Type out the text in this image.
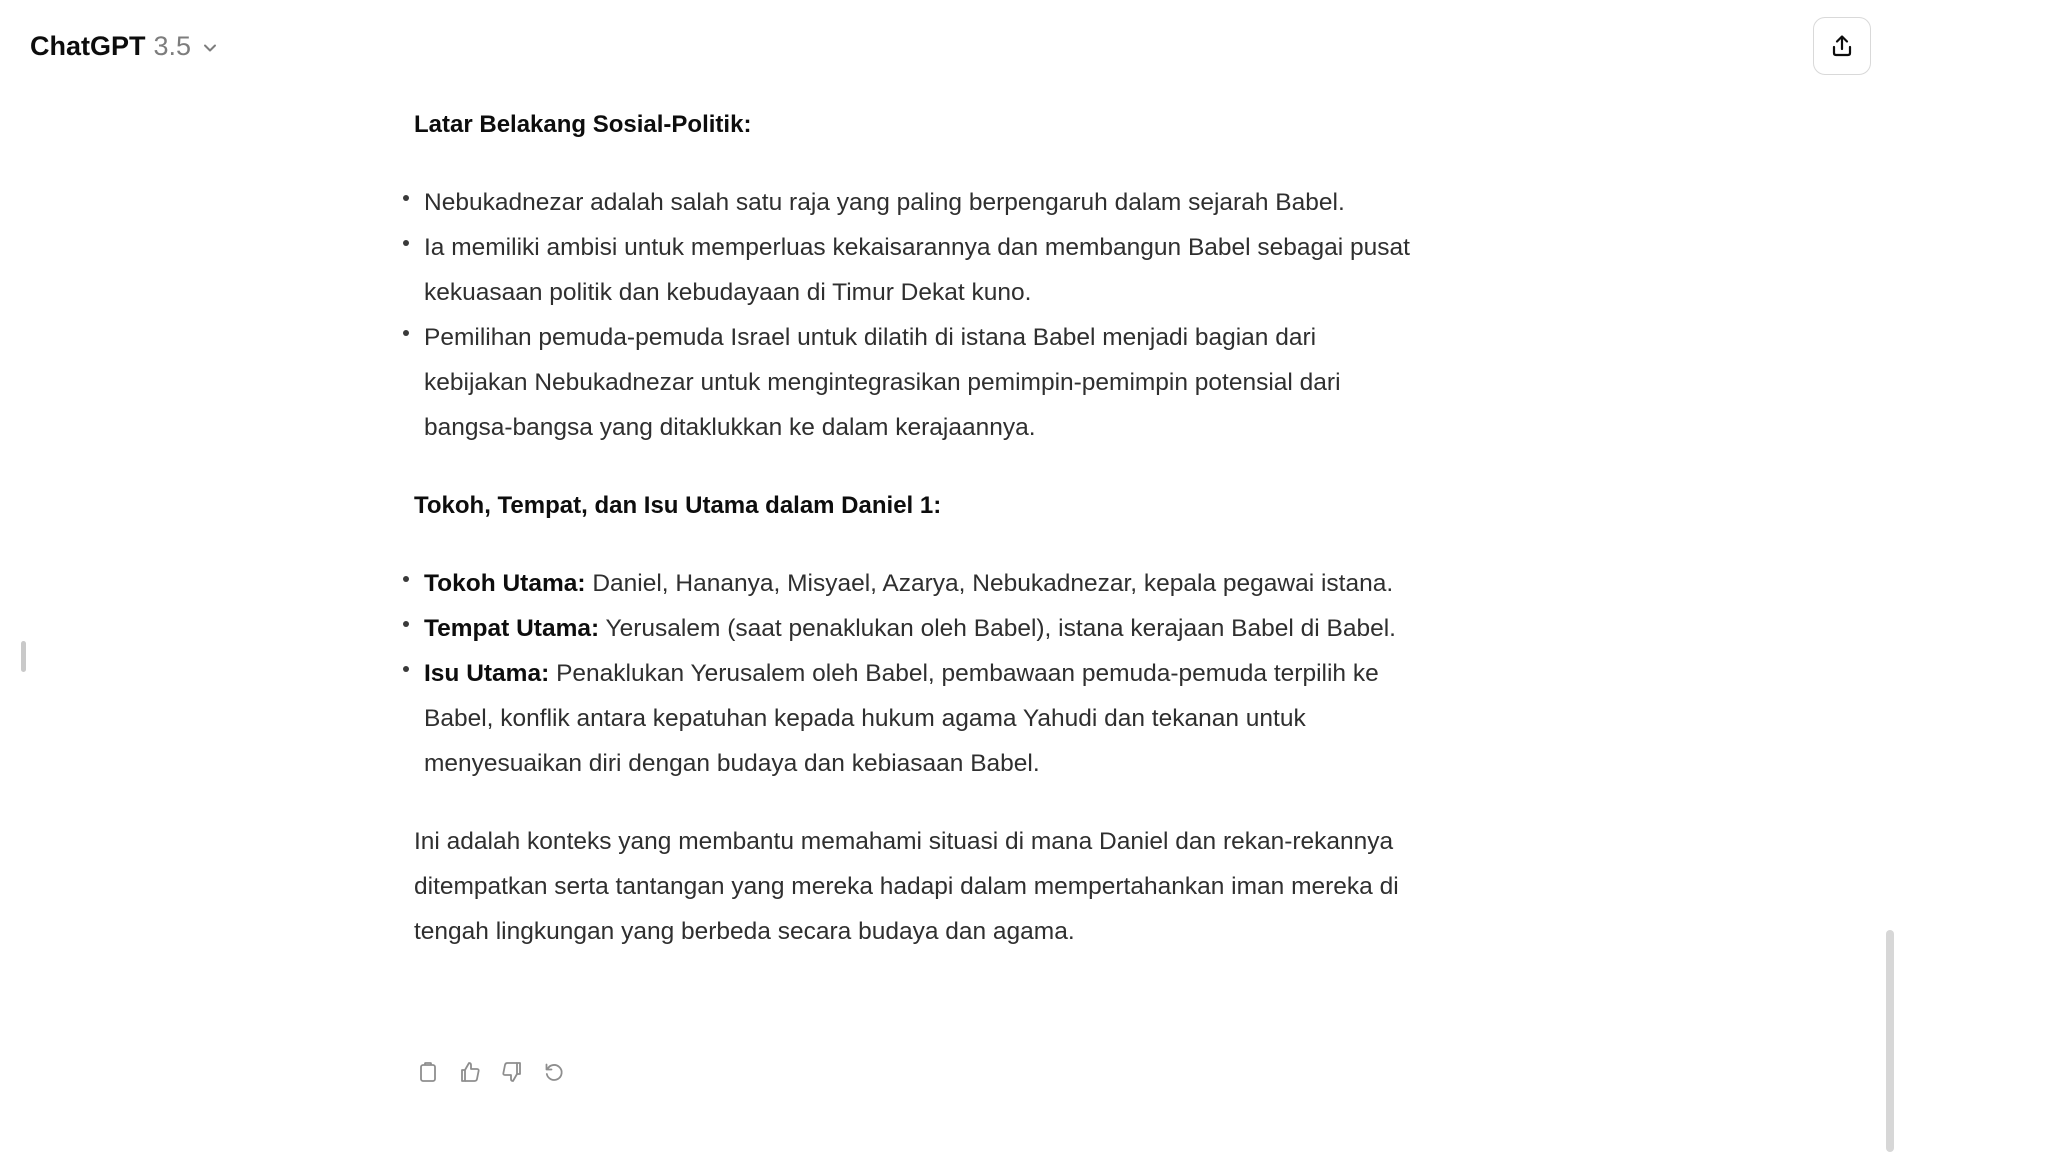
ChatGPT 3.5
Latar Belakang Sosial-Politik:
Nebukadnezar adalah salah satu raja yang paling berpengaruh dalam sejarah Babel.
Ia memiliki ambisi untuk memperluas kekaisarannya dan membangun Babel sebagai pusat kekuasaan politik dan kebudayaan di Timur Dekat kuno.
Pemilihan pemuda-pemuda Israel untuk dilatih di istana Babel menjadi bagian dari kebijakan Nebukadnezar untuk mengintegrasikan pemimpin-pemimpin potensial dari bangsa-bangsa yang ditaklukkan ke dalam kerajaannya.
Tokoh, Tempat, dan Isu Utama dalam Daniel 1:
Tokoh Utama: Daniel, Hananya, Misyael, Azarya, Nebukadnezar, kepala pegawai istana.
Tempat Utama: Yerusalem (saat penaklukan oleh Babel), istana kerajaan Babel di Babel.
Isu Utama: Penaklukan Yerusalem oleh Babel, pembawaan pemuda-pemuda terpilih ke Babel, konflik antara kepatuhan kepada hukum agama Yahudi dan tekanan untuk menyesuaikan diri dengan budaya dan kebiasaan Babel.

Ini adalah konteks yang membantu memahami situasi di mana Daniel dan rekan-rekannya ditempatkan serta tantangan yang mereka hadapi dalam mempertahankan iman mereka di tengah lingkungan yang berbeda secara budaya dan agama.
